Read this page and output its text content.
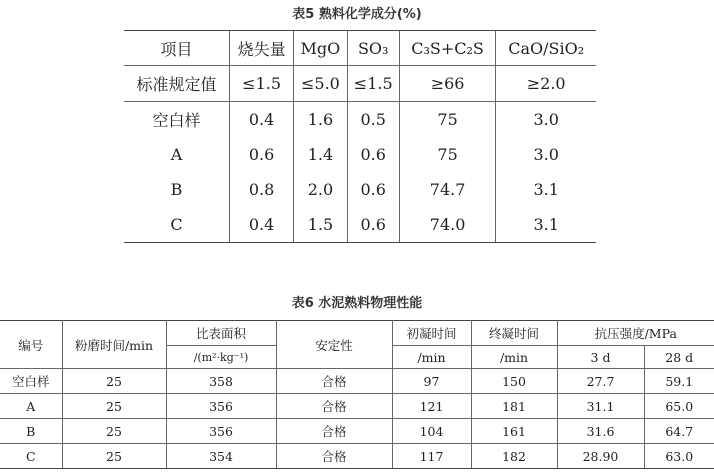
表5 熟料化学成分(%)
项目	烧失量	MgO	SO₃	C₃S+C₂S	CaO/SiO₂
标准规定值	≤1.5	≤5.0	≤1.5	≥66	≥2.0
空白样	0.4	1.6	0.5	75	3.0
A	0.6	1.4	0.6	75	3.0
B	0.8	2.0	0.6	74.7	3.1
C	0.4	1.5	0.6	74.0	3.1
表6 水泥熟料物理性能
编号	粉磨时间/min	比表面积	安定性	初凝时间	终凝时间	抗压强度/MPa	
		/(m²·kg⁻¹)		/min	/min	3 d	28 d
空白样	25	358	合格	97	150	27.7	59.1
A	25	356	合格	121	181	31.1	65.0
B	25	356	合格	104	161	31.6	64.7
C	25	354	合格	117	182	28.90	63.0
